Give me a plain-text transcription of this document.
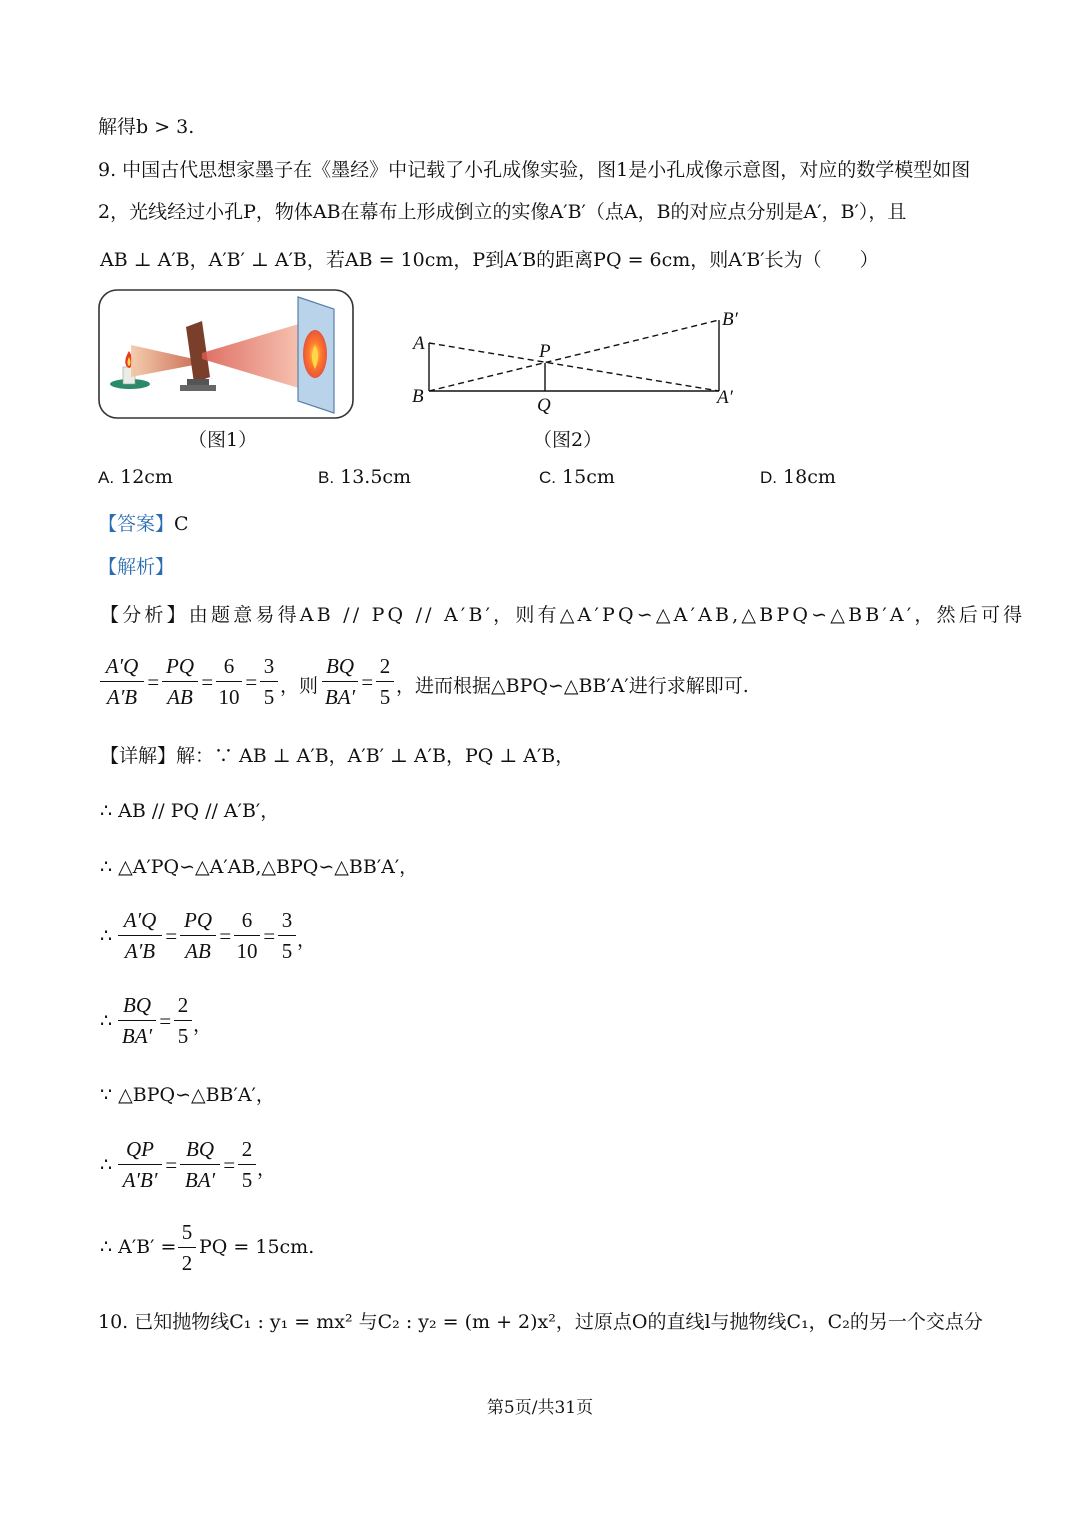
解得b > 3.
9. 中国古代思想家墨子在《墨经》中记载了小孔成像实验，图1是小孔成像示意图，对应的数学模型如图
2，光线经过小孔P，物体AB在幕布上形成倒立的实像A′B′（点A，B的对应点分别是A′，B′），且
AB ⊥ A′B，A′B′ ⊥ A′B，若AB = 10cm，P到A′B的距离PQ = 6cm，则A′B′长为（　　）
（图1）
A
B
P
Q	A′
B′
（图2）
A. 12cm	B. 13.5cm	C. 15cm	D. 18cm
【答案】C
【解析】
【分析】由题意易得AB // PQ // A′B′，则有△A′PQ∽△A′AB,△BPQ∽△BB′A′，然后可得
A′Q
A′B
=
PQ
AB
=
6
10
=
3
5 ，则
BQ
BA′
=
2
5 ，进而根据△BPQ∽△BB′A′进行求解即可.
【详解】解：∵ AB ⊥ A′B，A′B′ ⊥ A′B，PQ ⊥ A′B，
∴ AB // PQ // A′B′，
∴ △A′PQ∽△A′AB,△BPQ∽△BB′A′，
∴
A′Q
A′B
=
PQ
AB
=
6
10
=
3
5 ，
∴
BQ
BA′
=
2
5 ，
∵ △BPQ∽△BB′A′，
∴
QP
A′B′
=
BQ
BA′
=
2
5 ，
∴ A′B′ =
5
2
PQ = 15cm.
10. 已知抛物线C₁ : y₁ = mx² 与C₂ : y₂ = (m + 2)x²，过原点O的直线l与抛物线C₁，C₂的另一个交点分
第5页/共31页
